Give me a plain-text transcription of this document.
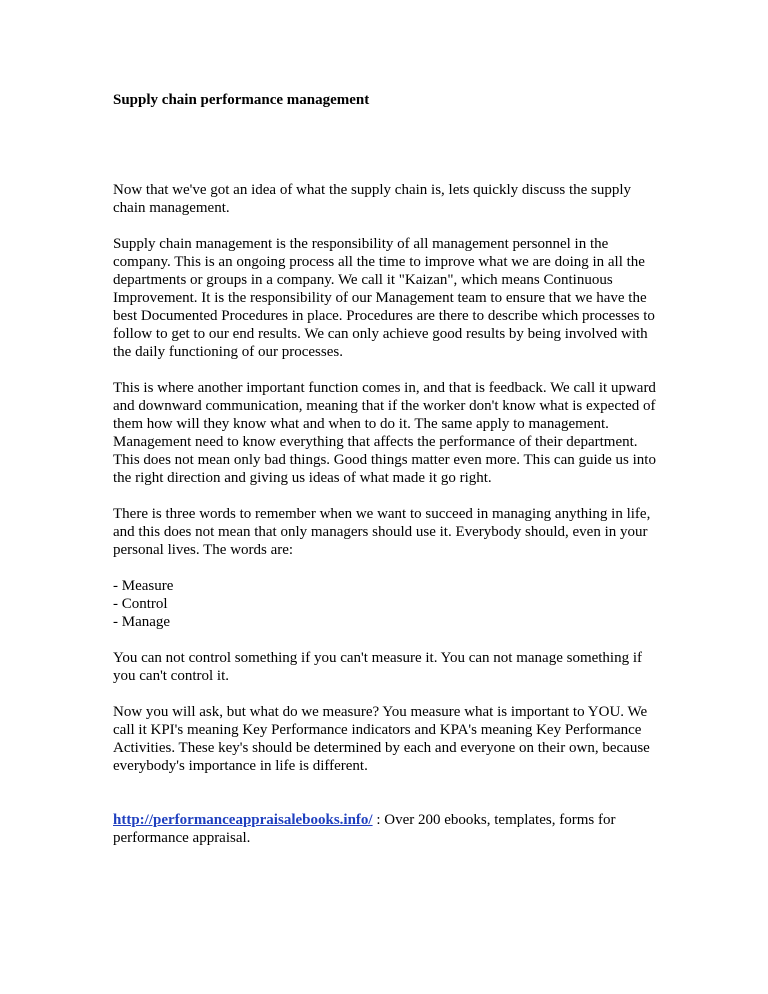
Supply chain performance management

Now that we've got an idea of what the supply chain is, lets quickly discuss the supply chain management.

Supply chain management is the responsibility of all management personnel in the company. This is an ongoing process all the time to improve what we are doing in all the departments or groups in a company. We call it "Kaizan", which means Continuous Improvement. It is the responsibility of our Management team to ensure that we have the best Documented Procedures in place. Procedures are there to describe which processes to follow to get to our end results. We can only achieve good results by being involved with the daily functioning of our processes.

This is where another important function comes in, and that is feedback. We call it upward and downward communication, meaning that if the worker don't know what is expected of them how will they know what and when to do it. The same apply to management. Management need to know everything that affects the performance of their department. This does not mean only bad things. Good things matter even more. This can guide us into the right direction and giving us ideas of what made it go right.

There is three words to remember when we want to succeed in managing anything in life, and this does not mean that only managers should use it. Everybody should, even in your personal lives. The words are:

- Measure
- Control
- Manage

You can not control something if you can't measure it. You can not manage something if you can't control it.

Now you will ask, but what do we measure? You measure what is important to YOU. We call it KPI's meaning Key Performance indicators and KPA's meaning Key Performance Activities. These key's should be determined by each and everyone on their own, because everybody's importance in life is different.

http://performanceappraisalebooks.info/ : Over 200 ebooks, templates, forms for performance appraisal.
